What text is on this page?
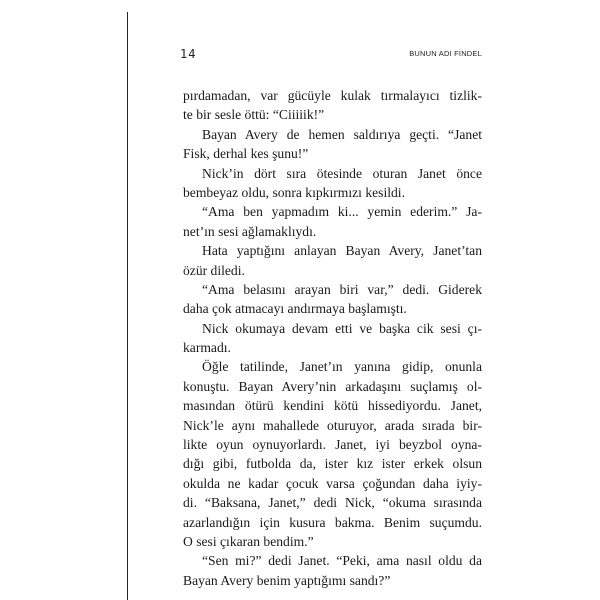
14	BUNUN ADI FİNDEL
pırdamadan, var gücüyle kulak tırmalayıcı tizlik-
te bir sesle öttü: “Ciiiiik!”
Bayan Avery de hemen saldırıya geçti. “Janet
Fisk, derhal kes şunu!”
Nick’in dört sıra ötesinde oturan Janet önce
bembeyaz oldu, sonra kıpkırmızı kesildi.
“Ama ben yapmadım ki... yemin ederim.” Ja-
net’ın sesi ağlamaklıydı.
Hata yaptığını anlayan Bayan Avery, Janet’tan
özür diledi.
“Ama belasını arayan biri var,” dedi. Giderek
daha çok atmacayı andırmaya başlamıştı.
Nick okumaya devam etti ve başka cik sesi çı-
karmadı.
Öğle tatilinde, Janet’ın yanına gidip, onunla
konuştu. Bayan Avery’nin arkadaşını suçlamış ol-
masından ötürü kendini kötü hissediyordu. Janet,
Nick’le aynı mahallede oturuyor, arada sırada bir-
likte oyun oynuyorlardı. Janet, iyi beyzbol oyna-
dığı gibi, futbolda da, ister kız ister erkek olsun
okulda ne kadar çocuk varsa çoğundan daha iyiy-
di. “Baksana, Janet,” dedi Nick, “okuma sırasında
azarlandığın için kusura bakma. Benim suçumdu.
O sesi çıkaran bendim.”
“Sen mi?” dedi Janet. “Peki, ama nasıl oldu da
Bayan Avery benim yaptığımı sandı?”
